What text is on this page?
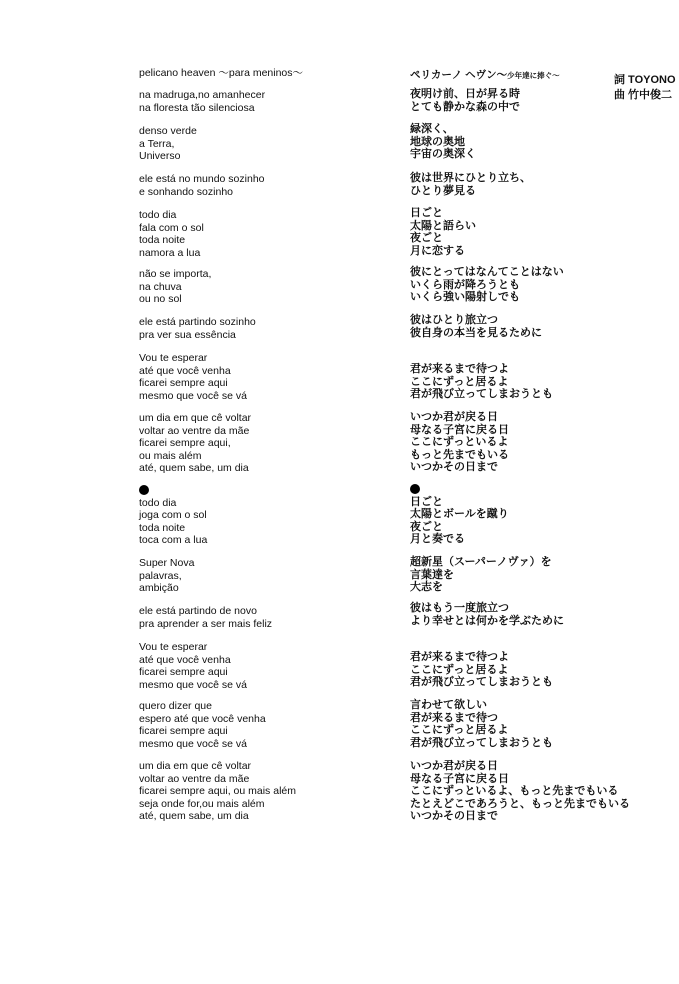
pelicano heaven 〜para meninos〜
na madruga,no amanhecer
na floresta tão silenciosa
denso verde
a Terra,
Universo
ele está no mundo sozinho
e sonhando sozinho
todo dia
fala com o sol
toda noite
namora a lua
não se importa,
na chuva
ou no sol
ele está partindo sozinho
pra ver sua essência
Vou te esperar
até que você venha
ficarei sempre aqui
mesmo que você se vá
um dia em que cê voltar
voltar ao ventre da mãe
ficarei sempre aqui,
ou mais além
até, quem sabe, um dia
todo dia
joga com o sol
toda noite
toca com a lua
Super Nova
palavras,
ambição
ele está partindo de novo
pra aprender a ser mais feliz
Vou te esperar
até que você venha
ficarei sempre aqui
mesmo que você se vá
quero dizer que
espero até que você venha
ficarei sempre aqui
mesmo que você se vá
um dia em que cê voltar
voltar ao ventre da mãe
ficarei sempre aqui, ou mais além
seja onde for,ou mais além
até, quem sabe, um dia
ペリカーノ ヘヴン〜少年達に捧ぐ〜
夜明け前、日が昇る時
とても静かな森の中で
緑深く、
地球の奥地
宇宙の奥深く
彼は世界にひとり立ち、
ひとり夢見る
日ごと
太陽と語らい
夜ごと
月に恋する
彼にとってはなんてことはない
いくら雨が降ろうとも
いくら強い陽射しでも
彼はひとり旅立つ
彼自身の本当を見るために
君が来るまで待つよ
ここにずっと居るよ
君が飛び立ってしまおうとも
いつか君が戻る日
母なる子宮に戻る日
ここにずっといるよ
もっと先までもいる
いつかその日まで
日ごと
太陽とボールを蹴り
夜ごと
月と奏でる
超新星（スーパーノヴァ）を
言葉達を
大志を
彼はもう一度旅立つ
より幸せとは何かを学ぶために
君が来るまで待つよ
ここにずっと居るよ
君が飛び立ってしまおうとも
言わせて欲しい
君が来るまで待つ
ここにずっと居るよ
君が飛び立ってしまおうとも
いつか君が戻る日
母なる子宮に戻る日
ここにずっといるよ、もっと先までもいる
たとえどこであろうと、もっと先までもいる
いつかその日まで
詞 TOYONO
曲 竹中俊二
